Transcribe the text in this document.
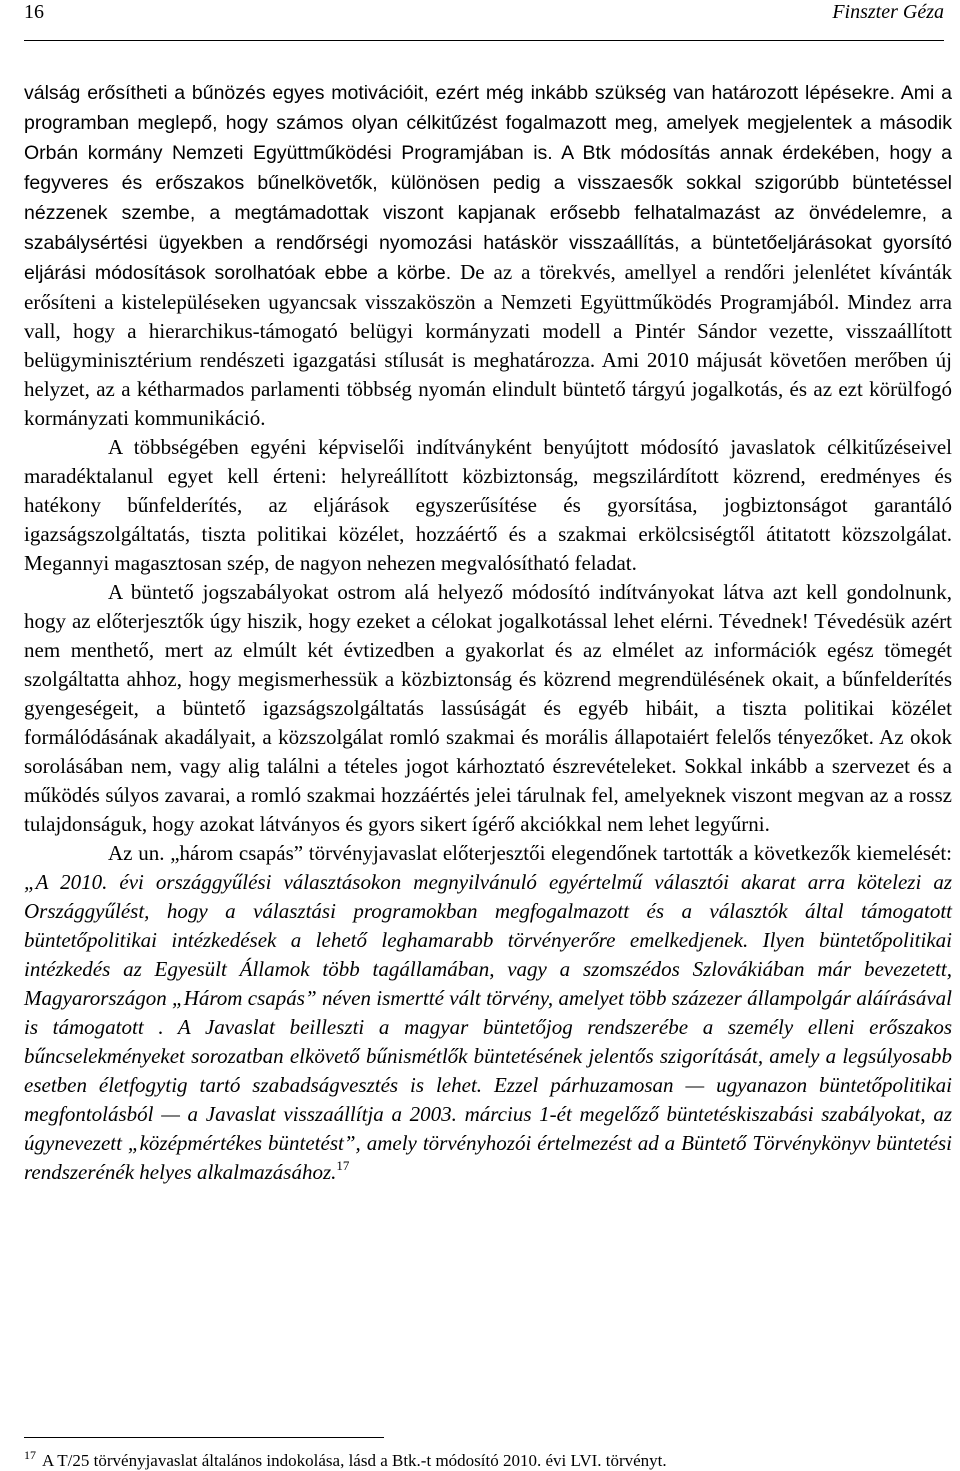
16	Finszter Géza

válság erősítheti a bűnözés egyes motivációit, ezért még inkább szükség van határozott lépésekre. Ami a programban meglepő, hogy számos olyan célkitűzést fogalmazott meg, amelyek megjelentek a második Orbán kormány Nemzeti Együttműködési Programjában is. A Btk módosítás annak érdekében, hogy a fegyveres és erőszakos bűnelkövetők, különösen pedig a visszaesők sokkal szigorúbb büntetéssel nézzenek szembe, a megtámadottak viszont kapjanak erősebb felhatalmazást az önvédelemre, a szabálysértési ügyekben a rendőrségi nyomozási hatáskör visszaállítás, a büntetőeljárásokat gyorsító eljárási módosítások sorolhatóak ebbe a körbe. De az a törekvés, amellyel a rendőri jelenlétet kívánták erősíteni a kistelepüléseken ugyancsak visszaköszön a Nemzeti Együttműködés Programjából. Mindez arra vall, hogy a hierarchikus-támogató belügyi kormányzati modell a Pintér Sándor vezette, visszaállított belügyminisztérium rendészeti igazgatási stílusát is meghatározza. Ami 2010 májusát követően merőben új helyzet, az a kétharmados parlamenti többség nyomán elindult büntető tárgyú jogalkotás, és az ezt körülfogó kormányzati kommunikáció.

A többségében egyéni képviselői indítványként benyújtott módosító javaslatok célkitűzéseivel maradéktalanul egyet kell érteni: helyreállított közbiztonság, megszilárdított közrend, eredményes és hatékony bűnfelderítés, az eljárások egyszerűsítése és gyorsítása, jogbiztonságot garantáló igazságszolgáltatás, tiszta politikai közélet, hozzáértő és a szakmai erkölcsiségtől átitatott közszolgálat. Megannyi magasztosan szép, de nagyon nehezen megvalósítható feladat.

A büntető jogszabályokat ostrom alá helyező módosító indítványokat látva azt kell gondolnunk, hogy az előterjesztők úgy hiszik, hogy ezeket a célokat jogalkotással lehet elérni. Tévednek! Tévedésük azért nem menthető, mert az elmúlt két évtizedben a gyakorlat és az elmélet az információk egész tömegét szolgáltatta ahhoz, hogy megismerhessük a közbiztonság és közrend megrendülésének okait, a bűnfelderítés gyengeségeit, a büntető igazságszolgáltatás lassúságát és egyéb hibáit, a tiszta politikai közélet formálódásának akadályait, a közszolgálat romló szakmai és morális állapotaiért felelős tényezőket. Az okok sorolásában nem, vagy alig találni a tételes jogot kárhoztató észrevételeket. Sokkal inkább a szervezet és a működés súlyos zavarai, a romló szakmai hozzáértés jelei tárulnak fel, amelyeknek viszont megvan az a rossz tulajdonságuk, hogy azokat látványos és gyors sikert ígérő akciókkal nem lehet legyűrni.

Az un. „három csapás” törvényjavaslat előterjesztői elegendőnek tartották a következők kiemelését: „A 2010. évi országgyűlési választásokon megnyilvánuló egyértelmű választói akarat arra kötelezi az Országgyűlést, hogy a választási programokban megfogalmazott és a választók által támogatott büntetőpolitikai intézkedések a lehető leghamarabb törvényerőre emelkedjenek. Ilyen büntetőpolitikai intézkedés az Egyesült Államok több tagállamában, vagy a szomszédos Szlovákiában már bevezetett, Magyarországon „Három csapás” néven ismertté vált törvény, amelyet több százezer állampolgár aláírásával is támogatott . A Javaslat beilleszti a magyar büntetőjog rendszerébe a személy elleni erőszakos bűncselekményeket sorozatban elkövető bűnismétlők büntetésének jelentős szigorítását, amely a legsúlyosabb esetben életfogytig tartó szabadságvesztés is lehet. Ezzel párhuzamosan — ugyanazon büntetőpolitikai megfontolásból — a Javaslat visszaállítja a 2003. március 1-ét megelőző büntetéskiszabási szabályokat, az úgynevezett „középmértékes büntetést”, amely törvényhozói értelmezést ad a Büntető Törvénykönyv büntetési rendszerénék helyes alkalmazásához.$^{17}$

$^{17}$ A T/25 törvényjavaslat általános indokolása, lásd a Btk.-t módosító 2010. évi LVI. törvényt.
